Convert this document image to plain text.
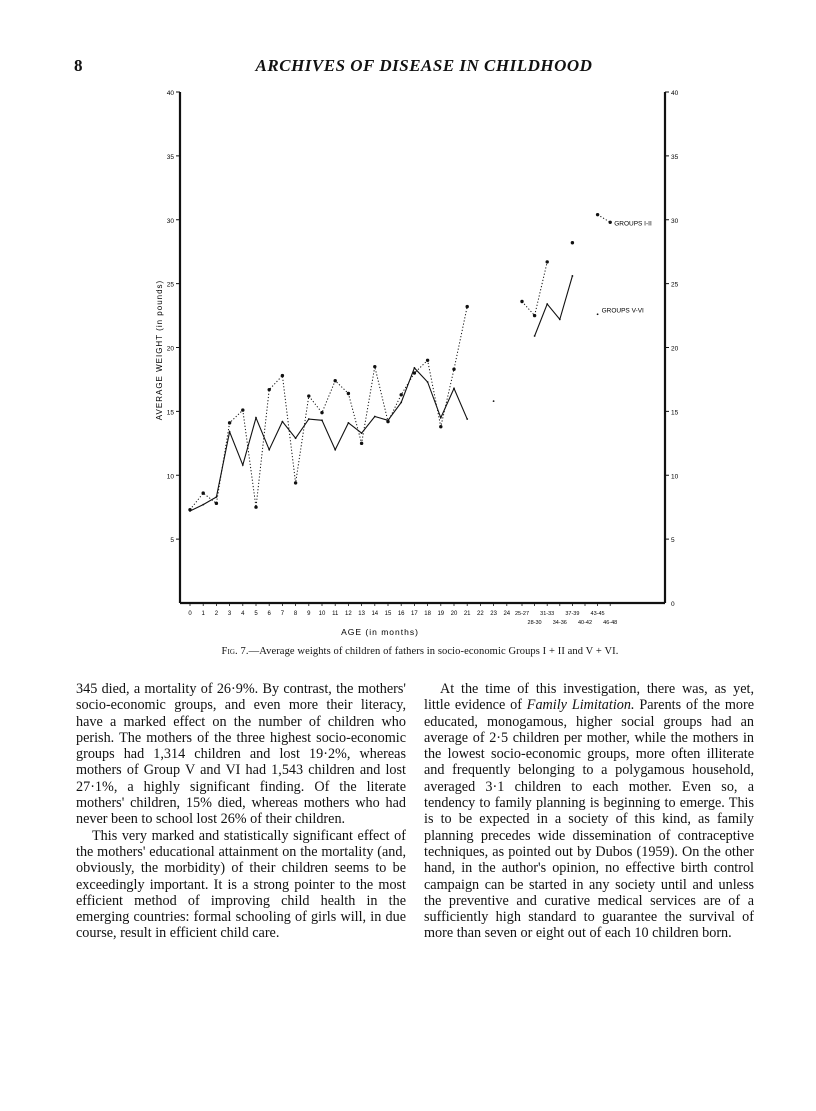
8	ARCHIVES OF DISEASE IN CHILDHOOD
5	5
10	10
15	15
20	20
25	25
30	30
35	35
40	40
0
0 1 2 3 4 5 6 7 8 9 10 11 12 13 14 15 16 17 18 19 20 21 22 23 24 25-27
28-30
31-33
34-36
37-39
40-42
43-45
46-48
AVERAGE WEIGHT (in pounds)
AGE (in months)
GROUPS I-II
GROUPS V-VI
Fig. 7.—Average weights of children of fathers in socio-economic Groups I + II and V + VI.

345 died, a mortality of 26·9%. By contrast, the mothers' socio-economic groups, and even more their literacy, have a marked effect on the number of children who perish. The mothers of the three highest socio-economic groups had 1,314 children and lost 19·2%, whereas mothers of Group V and VI had 1,543 children and lost 27·1%, a highly significant finding. Of the literate mothers' children, 15% died, whereas mothers who had never been to school lost 26% of their children.

This very marked and statistically significant effect of the mothers' educational attainment on the mortality (and, obviously, the morbidity) of their children seems to be exceedingly important. It is a strong pointer to the most efficient method of improving child health in the emerging countries: formal schooling of girls will, in due course, result in efficient child care.

At the time of this investigation, there was, as yet, little evidence of Family Limitation. Parents of the more educated, monogamous, higher social groups had an average of 2·5 children per mother, while the mothers in the lowest socio-economic groups, more often illiterate and frequently belonging to a polygamous household, averaged 3·1 children to each mother. Even so, a tendency to family planning is beginning to emerge. This is to be expected in a society of this kind, as family planning precedes wide dissemination of contraceptive techniques, as pointed out by Dubos (1959). On the other hand, in the author's opinion, no effective birth control campaign can be started in any society until and unless the preventive and curative medical services are of a sufficiently high standard to guarantee the survival of more than seven or eight out of each 10 children born.
